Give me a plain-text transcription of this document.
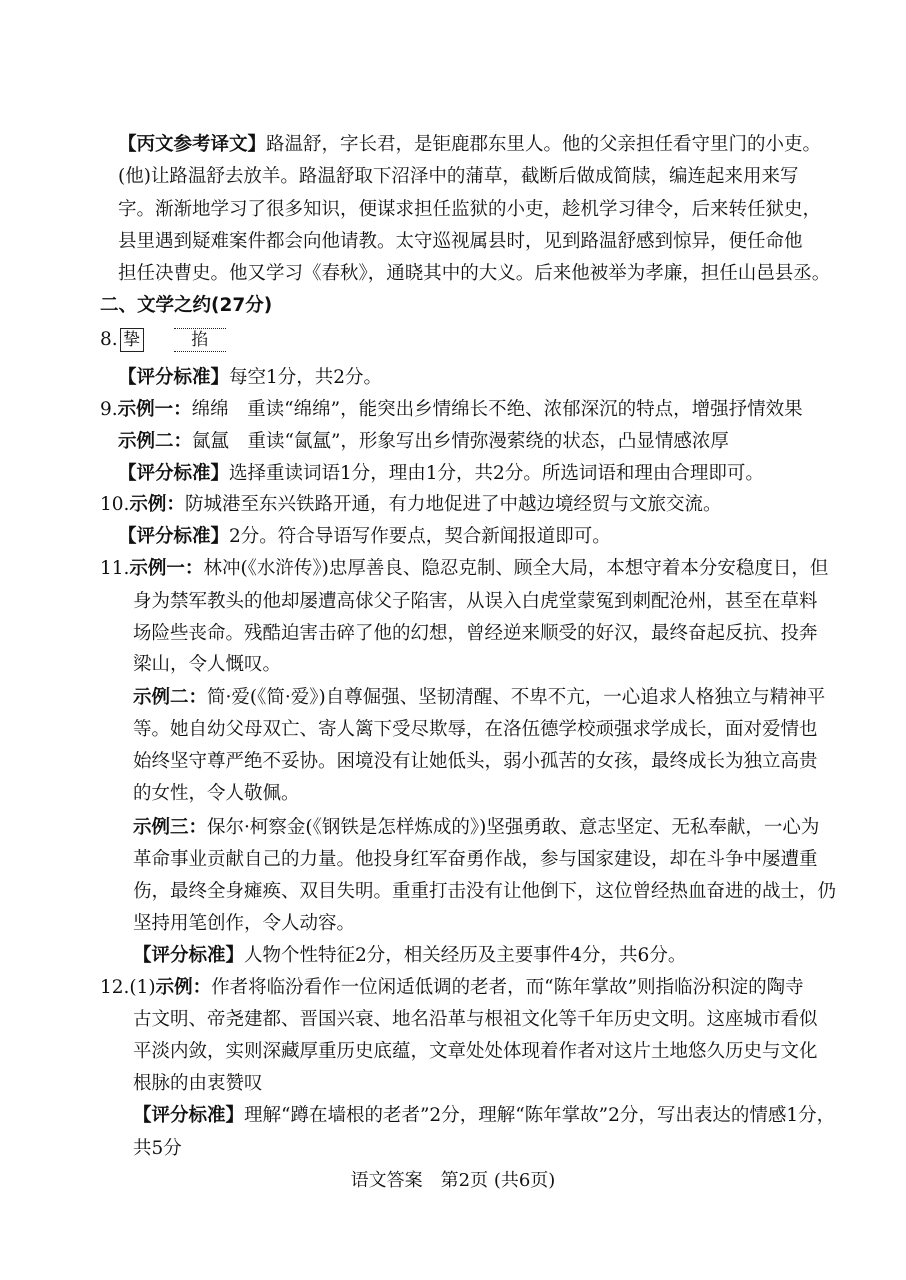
【丙文参考译文】路温舒，字长君，是钜鹿郡东里人。他的父亲担任看守里门的小吏。
(他)让路温舒去放羊。路温舒取下沼泽中的蒲草，截断后做成简牍，编连起来用来写
字。渐渐地学习了很多知识，便谋求担任监狱的小吏，趁机学习律令，后来转任狱史，
县里遇到疑难案件都会向他请教。太守巡视属县时，见到路温舒感到惊异，便任命他
担任决曹史。他又学习《春秋》，通晓其中的大义。后来他被举为孝廉，担任山邑县丞。
二、文学之约(27分)
8. 挚	掐
【评分标准】每空1分，共2分。
9.示例一：绵绵　重读“绵绵”，能突出乡情绵长不绝、浓郁深沉的特点，增强抒情效果
示例二：氤氲　重读“氤氲”，形象写出乡情弥漫萦绕的状态，凸显情感浓厚
【评分标准】选择重读词语1分，理由1分，共2分。所选词语和理由合理即可。
10.示例：防城港至东兴铁路开通，有力地促进了中越边境经贸与文旅交流。
【评分标准】2分。符合导语写作要点，契合新闻报道即可。
11.示例一：林冲(《水浒传》)忠厚善良、隐忍克制、顾全大局，本想守着本分安稳度日，但
身为禁军教头的他却屡遭高俅父子陷害，从误入白虎堂蒙冤到刺配沧州，甚至在草料
场险些丧命。残酷迫害击碎了他的幻想，曾经逆来顺受的好汉，最终奋起反抗、投奔
梁山，令人慨叹。
示例二：简·爱(《简·爱》)自尊倔强、坚韧清醒、不卑不亢，一心追求人格独立与精神平
等。她自幼父母双亡、寄人篱下受尽欺辱，在洛伍德学校顽强求学成长，面对爱情也
始终坚守尊严绝不妥协。困境没有让她低头，弱小孤苦的女孩，最终成长为独立高贵
的女性，令人敬佩。
示例三：保尔·柯察金(《钢铁是怎样炼成的》)坚强勇敢、意志坚定、无私奉献，一心为
革命事业贡献自己的力量。他投身红军奋勇作战，参与国家建设，却在斗争中屡遭重
伤，最终全身瘫痪、双目失明。重重打击没有让他倒下，这位曾经热血奋进的战士，仍
坚持用笔创作，令人动容。
【评分标准】人物个性特征2分，相关经历及主要事件4分，共6分。
12.(1)示例：作者将临汾看作一位闲适低调的老者，而“陈年掌故”则指临汾积淀的陶寺
古文明、帝尧建都、晋国兴衰、地名沿革与根祖文化等千年历史文明。这座城市看似
平淡内敛，实则深藏厚重历史底蕴，文章处处体现着作者对这片土地悠久历史与文化
根脉的由衷赞叹
【评分标准】理解“蹲在墙根的老者”2分，理解“陈年掌故”2分，写出表达的情感1分，
共5分
语文答案　第2页 (共6页)
